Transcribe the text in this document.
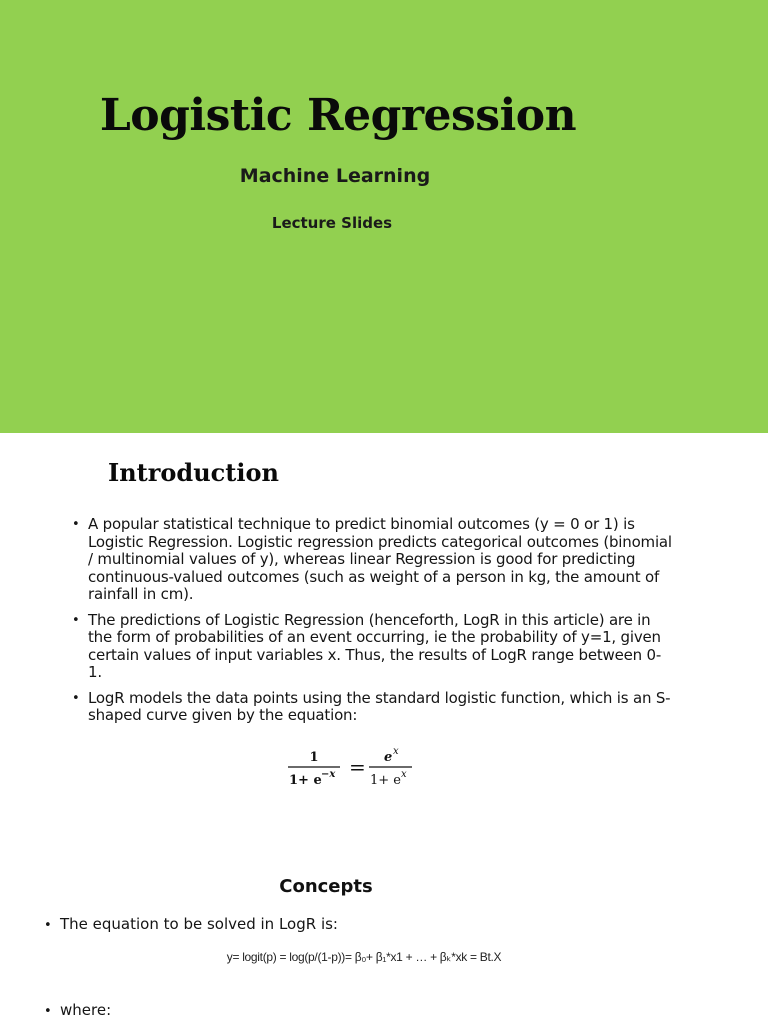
Logistic Regression
Machine Learning
Lecture Slides
Introduction
• A popular statistical technique to predict binomial outcomes (y = 0 or 1) is Logistic Regression. Logistic regression predicts categorical outcomes (binomial / multinomial values of y), whereas linear Regression is good for predicting continuous-valued outcomes (such as weight of a person in kg, the amount of rainfall in cm).
• The predictions of Logistic Regression (henceforth, LogR in this article) are in the form of probabilities of an event occurring, ie the probability of y=1, given certain values of input variables x. Thus, the results of LogR range between 0-1.
• LogR models the data points using the standard logistic function, which is an S- shaped curve given by the equation:
1
1+ e −x = e x
1+ e x
Concepts
• The equation to be solved in LogR is:
y= logit(p) = log(p/(1-p))= β₀+ β₁*x1 + … + βₖ*xk = Bt.X
• where:
